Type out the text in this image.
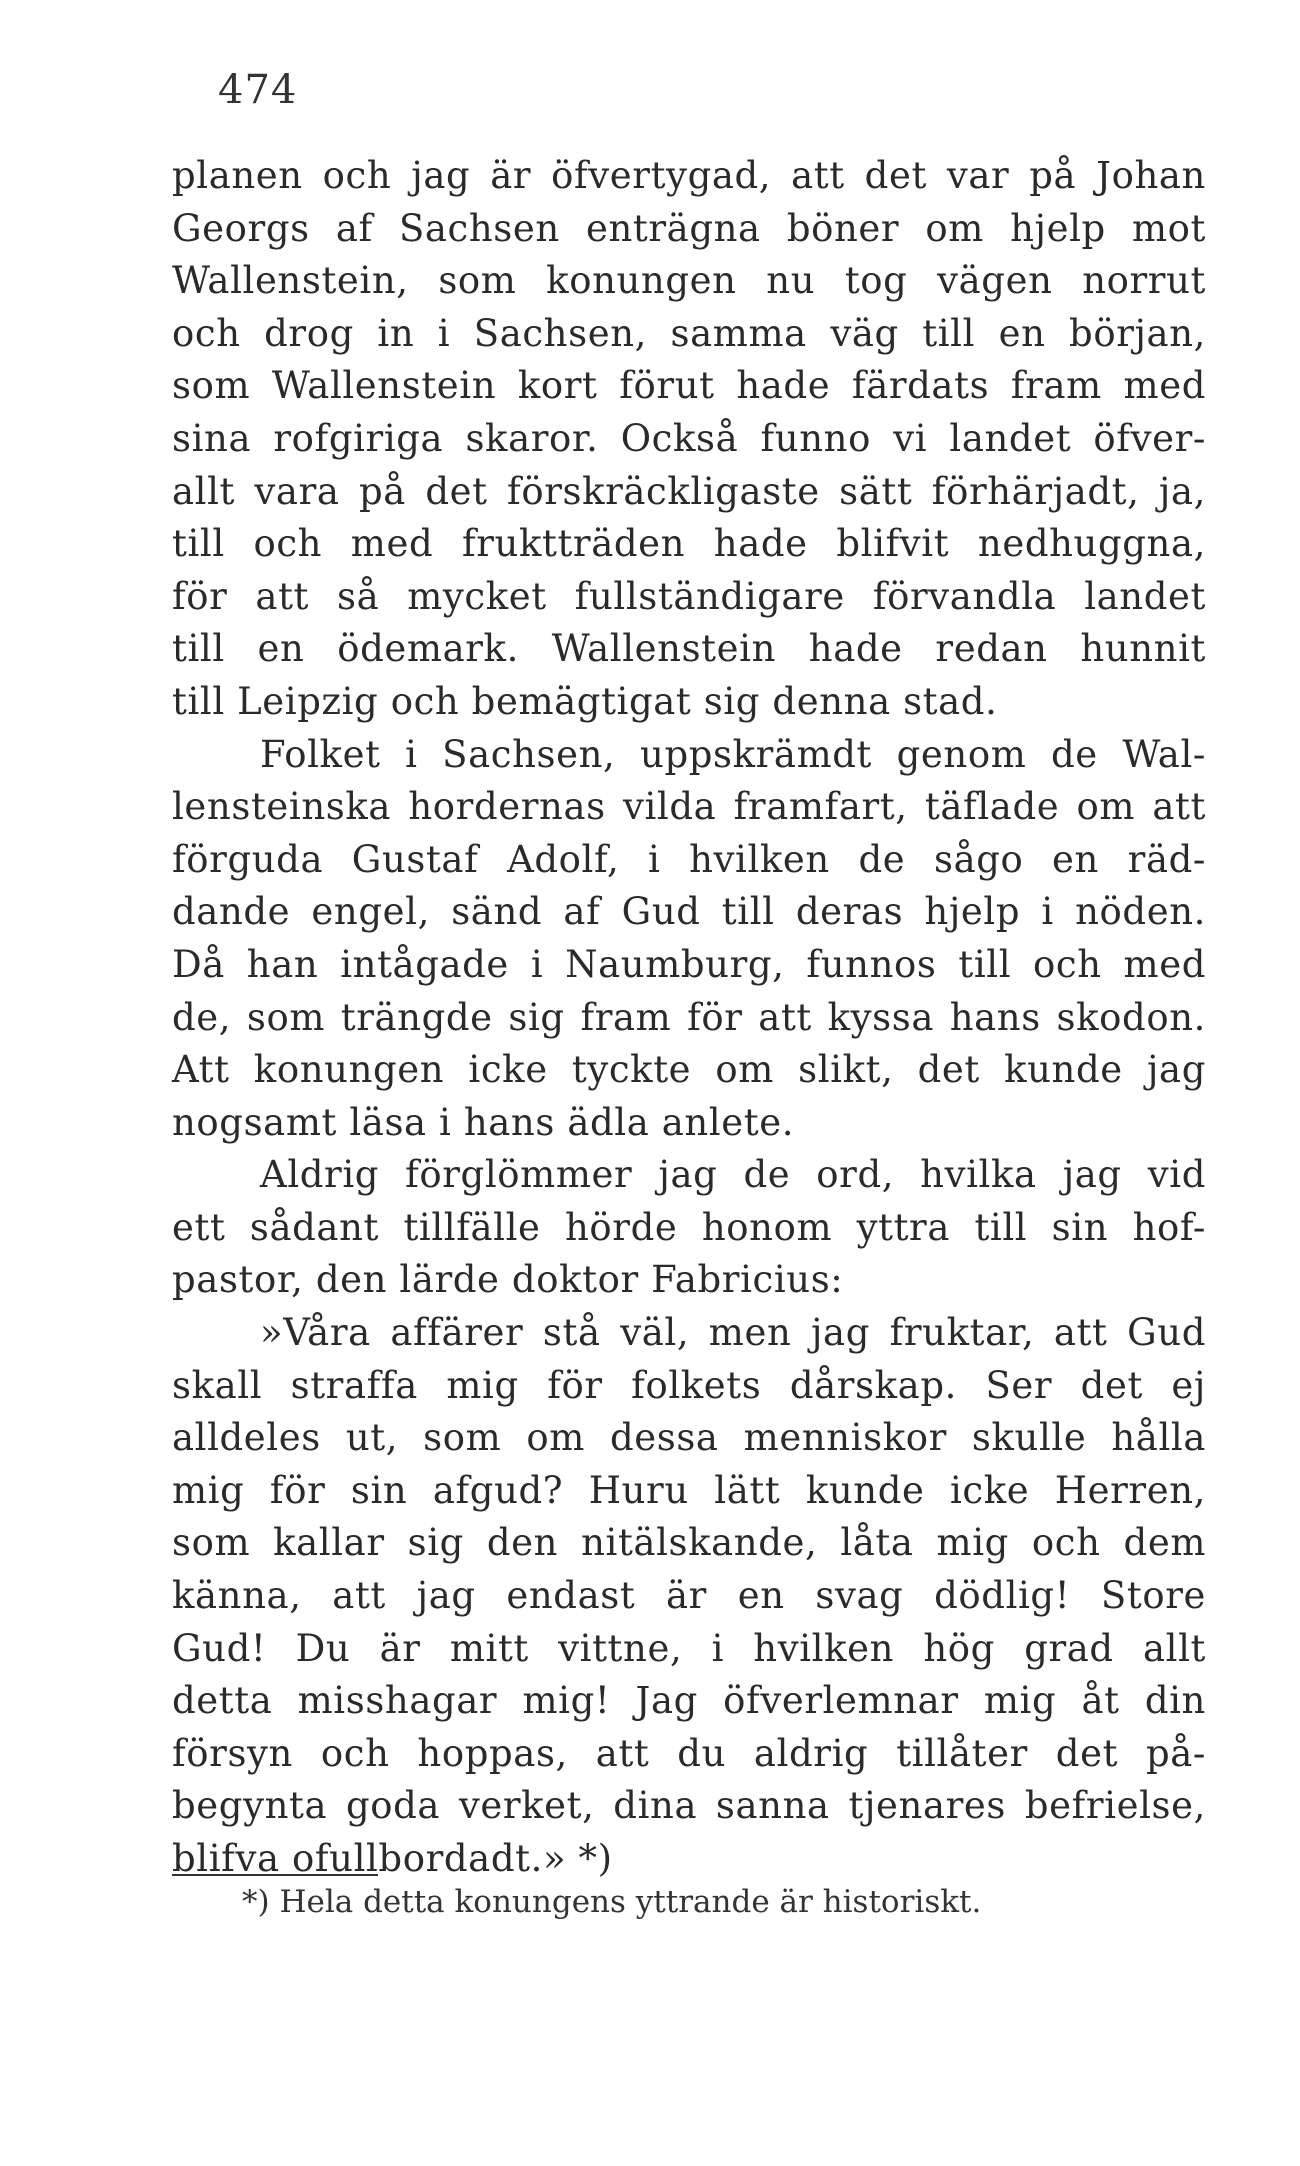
474
planen och jag är öfvertygad, att det var på Johan
Georgs af Sachsen enträgna böner om hjelp mot
Wallenstein, som konungen nu tog vägen norrut
och drog in i Sachsen, samma väg till en början,
som Wallenstein kort förut hade färdats fram med
sina rofgiriga skaror. Också funno vi landet öfver-
allt vara på det förskräckligaste sätt förhärjadt, ja,
till och med fruktträden hade blifvit nedhuggna,
för att så mycket fullständigare förvandla landet
till en ödemark. Wallenstein hade redan hunnit
till Leipzig och bemägtigat sig denna stad.
Folket i Sachsen, uppskrämdt genom de Wal-
lensteinska hordernas vilda framfart, täflade om att
förguda Gustaf Adolf, i hvilken de sågo en räd-
dande engel, sänd af Gud till deras hjelp i nöden.
Då han intågade i Naumburg, funnos till och med
de, som trängde sig fram för att kyssa hans skodon.
Att konungen icke tyckte om slikt, det kunde jag
nogsamt läsa i hans ädla anlete.
Aldrig förglömmer jag de ord, hvilka jag vid
ett sådant tillfälle hörde honom yttra till sin hof-
pastor, den lärde doktor Fabricius:
»Våra affärer stå väl, men jag fruktar, att Gud
skall straffa mig för folkets dårskap. Ser det ej
alldeles ut, som om dessa menniskor skulle hålla
mig för sin afgud? Huru lätt kunde icke Herren,
som kallar sig den nitälskande, låta mig och dem
känna, att jag endast är en svag dödlig! Store
Gud! Du är mitt vittne, i hvilken hög grad allt
detta misshagar mig! Jag öfverlemnar mig åt din
försyn och hoppas, att du aldrig tillåter det på-
begynta goda verket, dina sanna tjenares befrielse,
blifva ofullbordadt.» *)
*) Hela detta konungens yttrande är historiskt.
